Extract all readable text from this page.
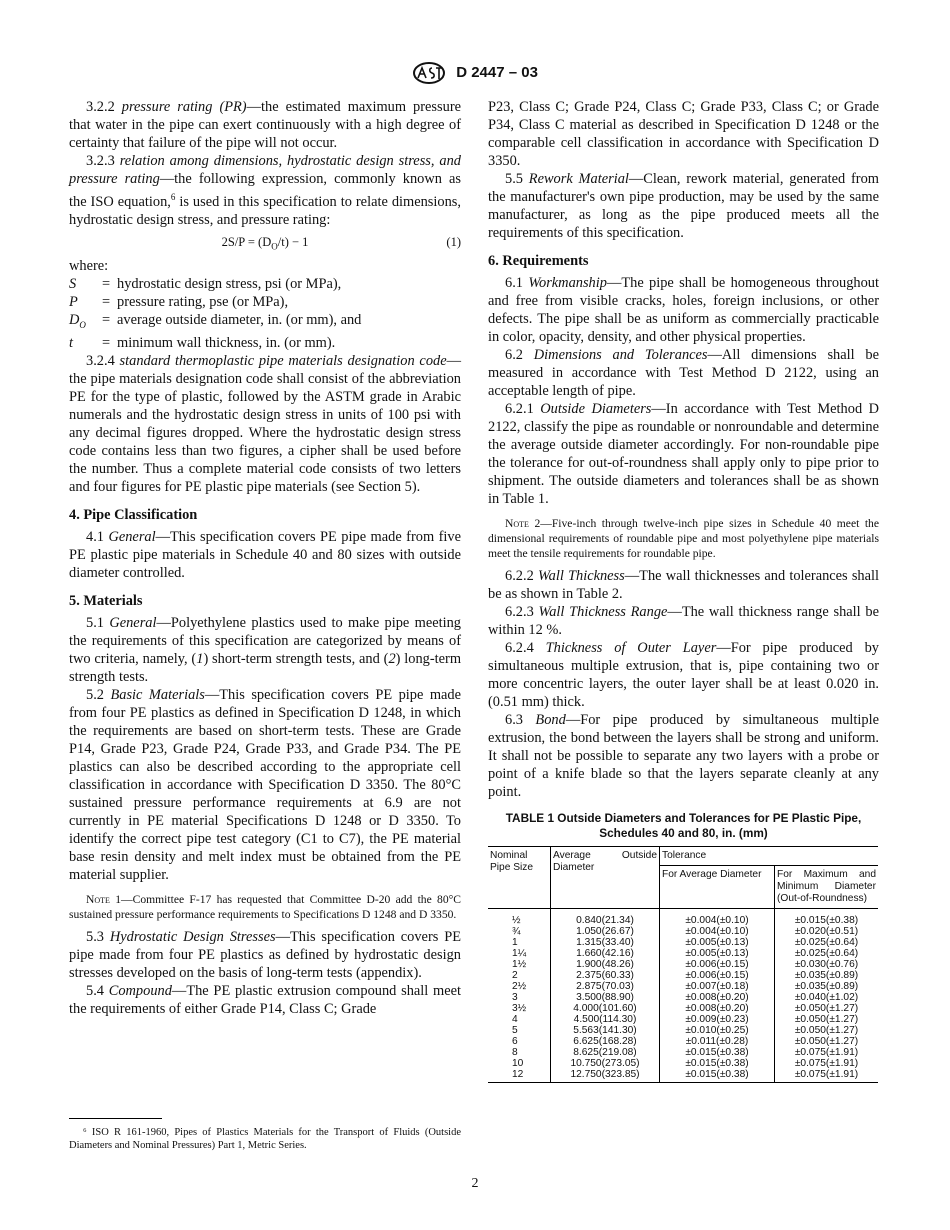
D 2447 – 03

3.2.2 pressure rating (PR)—the estimated maximum pressure that water in the pipe can exert continuously with a high degree of certainty that failure of the pipe will not occur.

3.2.3 relation among dimensions, hydrostatic design stress, and pressure rating—the following expression, commonly known as the ISO equation,$^6$ is used in this specification to relate dimensions, hydrostatic design stress, and pressure rating:

$2S/P = (D_O/t) - 1$	(1)

where:

S	=	hydrostatic design stress, psi (or MPa),
P	=	pressure rating, pse (or MPa),
$D_O$	=	average outside diameter, in. (or mm), and
t	=	minimum wall thickness, in. (or mm).

3.2.4 standard thermoplastic pipe materials designation code—the pipe materials designation code shall consist of the abbreviation PE for the type of plastic, followed by the ASTM grade in Arabic numerals and the hydrostatic design stress in units of 100 psi with any decimal figures dropped. Where the hydrostatic design stress code contains less than two figures, a cipher shall be used before the number. Thus a complete material code consists of two letters and four figures for PE plastic pipe materials (see Section 5).

4. Pipe Classification

4.1 General—This specification covers PE pipe made from five PE plastic pipe materials in Schedule 40 and 80 sizes with outside diameter controlled.

5. Materials

5.1 General—Polyethylene plastics used to make pipe meeting the requirements of this specification are categorized by means of two criteria, namely, (1) short-term strength tests, and (2) long-term strength tests.

5.2 Basic Materials—This specification covers PE pipe made from four PE plastics as defined in Specification D 1248, in which the requirements are based on short-term tests. These are Grade P14, Grade P23, Grade P24, Grade P33, and Grade P34. The PE plastics can also be described according to the appropriate cell classification in accordance with Specification D 3350. The 80°C sustained pressure performance requirements at 6.9 are not currently in PE material Specifications D 1248 or D 3350. To identify the correct pipe test category (C1 to C7), the PE material base resin density and melt index must be obtained from the PE material supplier.

Note 1—Committee F-17 has requested that Committee D-20 add the 80°C sustained pressure performance requirements to Specifications D 1248 and D 3350.

5.3 Hydrostatic Design Stresses—This specification covers PE pipe made from four PE plastics as defined by hydrostatic design stresses developed on the basis of long-term tests (appendix).

5.4 Compound—The PE plastic extrusion compound shall meet the requirements of either Grade P14, Class C; Grade

⁶ ISO R 161-1960, Pipes of Plastics Materials for the Transport of Fluids (Outside Diameters and Nominal Pressures) Part 1, Metric Series.

P23, Class C; Grade P24, Class C; Grade P33, Class C; or Grade P34, Class C material as described in Specification D 1248 or the comparable cell classification in accordance with Specification D 3350.

5.5 Rework Material—Clean, rework material, generated from the manufacturer's own pipe production, may be used by the same manufacturer, as long as the pipe produced meets all the requirements of this specification.

6. Requirements

6.1 Workmanship—The pipe shall be homogeneous throughout and free from visible cracks, holes, foreign inclusions, or other defects. The pipe shall be as uniform as commercially practicable in color, opacity, density, and other physical properties.

6.2 Dimensions and Tolerances—All dimensions shall be measured in accordance with Test Method D 2122, using an acceptable length of pipe.

6.2.1 Outside Diameters—In accordance with Test Method D 2122, classify the pipe as roundable or nonroundable and determine the average outside diameter accordingly. For non-roundable pipe the tolerance for out-of-roundness shall apply only to pipe prior to shipment. The outside diameters and tolerances shall be as shown in Table 1.

Note 2—Five-inch through twelve-inch pipe sizes in Schedule 40 meet the dimensional requirements of roundable pipe and most polyethylene pipe materials meet the tensile requirements for roundable pipe.

6.2.2 Wall Thickness—The wall thicknesses and tolerances shall be as shown in Table 2.

6.2.3 Wall Thickness Range—The wall thickness range shall be within 12 %.

6.2.4 Thickness of Outer Layer—For pipe produced by simultaneous multiple extrusion, that is, pipe containing two or more concentric layers, the outer layer shall be at least 0.020 in. (0.51 mm) thick.

6.3 Bond—For pipe produced by simultaneous multiple extrusion, the bond between the layers shall be strong and uniform. It shall not be possible to separate any two layers with a probe or point of a knife blade so that the layers separate cleanly at any point.

TABLE 1 Outside Diameters and Tolerances for PE Plastic Pipe, Schedules 40 and 80, in. (mm)
Nominal Pipe Size	Average Outside Diameter	Tolerance	
		For Average Diameter	For Maximum and Minimum Diameter (Out-of-Roundness)

½	0.840(21.34)	±0.004(±0.10)	±0.015(±0.38)
¾	1.050(26.67)	±0.004(±0.10)	±0.020(±0.51)
1	1.315(33.40)	±0.005(±0.13)	±0.025(±0.64)
1¼	1.660(42.16)	±0.005(±0.13)	±0.025(±0.64)
1½	1.900(48.26)	±0.006(±0.15)	±0.030(±0.76)
2	2.375(60.33)	±0.006(±0.15)	±0.035(±0.89)
2½	2.875(70.03)	±0.007(±0.18)	±0.035(±0.89)
3	3.500(88.90)	±0.008(±0.20)	±0.040(±1.02)
3½	4.000(101.60)	±0.008(±0.20)	±0.050(±1.27)
4	4.500(114.30)	±0.009(±0.23)	±0.050(±1.27)
5	5.563(141.30)	±0.010(±0.25)	±0.050(±1.27)
6	6.625(168.28)	±0.011(±0.28)	±0.050(±1.27)
8	8.625(219.08)	±0.015(±0.38)	±0.075(±1.91)
10	10.750(273.05)	±0.015(±0.38)	±0.075(±1.91)
12	12.750(323.85)	±0.015(±0.38)	±0.075(±1.91)
2
